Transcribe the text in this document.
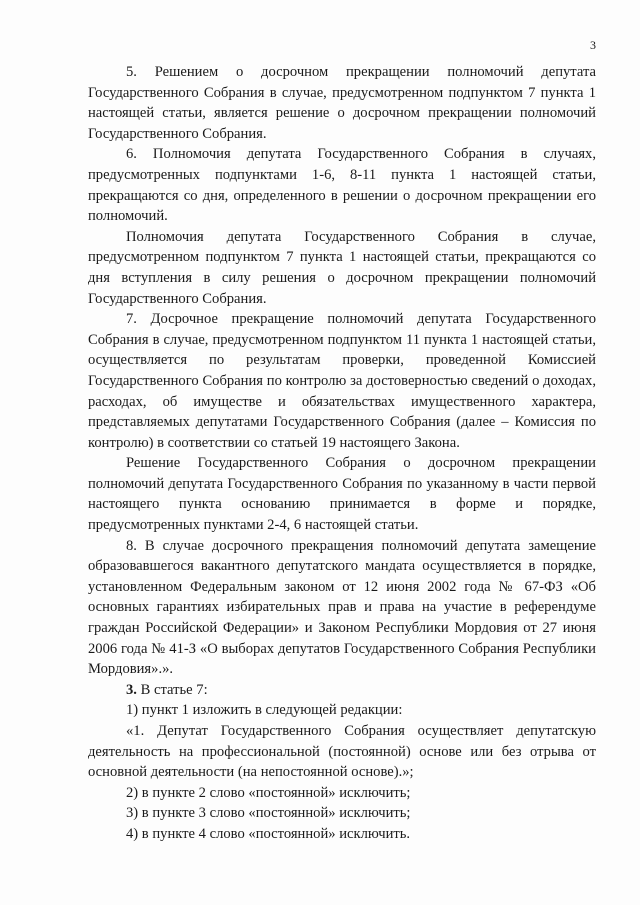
3

5. Решением о досрочном прекращении полномочий депутата Государственного Собрания в случае, предусмотренном подпунктом 7 пункта 1 настоящей статьи, является решение о досрочном прекращении полномочий Государственного Собрания.

6. Полномочия депутата Государственного Собрания в случаях, предусмотренных подпунктами 1-6, 8-11 пункта 1 настоящей статьи, прекращаются со дня, определенного в решении о досрочном прекращении его полномочий.

Полномочия депутата Государственного Собрания в случае, предусмотренном подпунктом 7 пункта 1 настоящей статьи, прекращаются со дня вступления в силу решения о досрочном прекращении полномочий Государственного Собрания.

7. Досрочное прекращение полномочий депутата Государственного Собрания в случае, предусмотренном подпунктом 11 пункта 1 настоящей статьи, осуществляется по результатам проверки, проведенной Комиссией Государственного Собрания по контролю за достоверностью сведений о доходах, расходах, об имуществе и обязательствах имущественного характера, представляемых депутатами Государственного Собрания (далее – Комиссия по контролю) в соответствии со статьей 19 настоящего Закона.

Решение Государственного Собрания о досрочном прекращении полномочий депутата Государственного Собрания по указанному в части первой настоящего пункта основанию принимается в форме и порядке, предусмотренных пунктами 2-4, 6 настоящей статьи.

8. В случае досрочного прекращения полномочий депутата замещение образовавшегося вакантного депутатского мандата осуществляется в порядке, установленном Федеральным законом от 12 июня 2002 года № 67-ФЗ «Об основных гарантиях избирательных прав и права на участие в референдуме граждан Российской Федерации» и Законом Республики Мордовия от 27 июня 2006 года № 41-З «О выборах депутатов Государственного Собрания Республики Мордовия».».

3. В статье 7:

1) пункт 1 изложить в следующей редакции:

«1. Депутат Государственного Собрания осуществляет депутатскую деятельность на профессиональной (постоянной) основе или без отрыва от основной деятельности (на непостоянной основе).»;

2) в пункте 2 слово «постоянной» исключить;

3) в пункте 3 слово «постоянной» исключить;

4) в пункте 4 слово «постоянной» исключить.
